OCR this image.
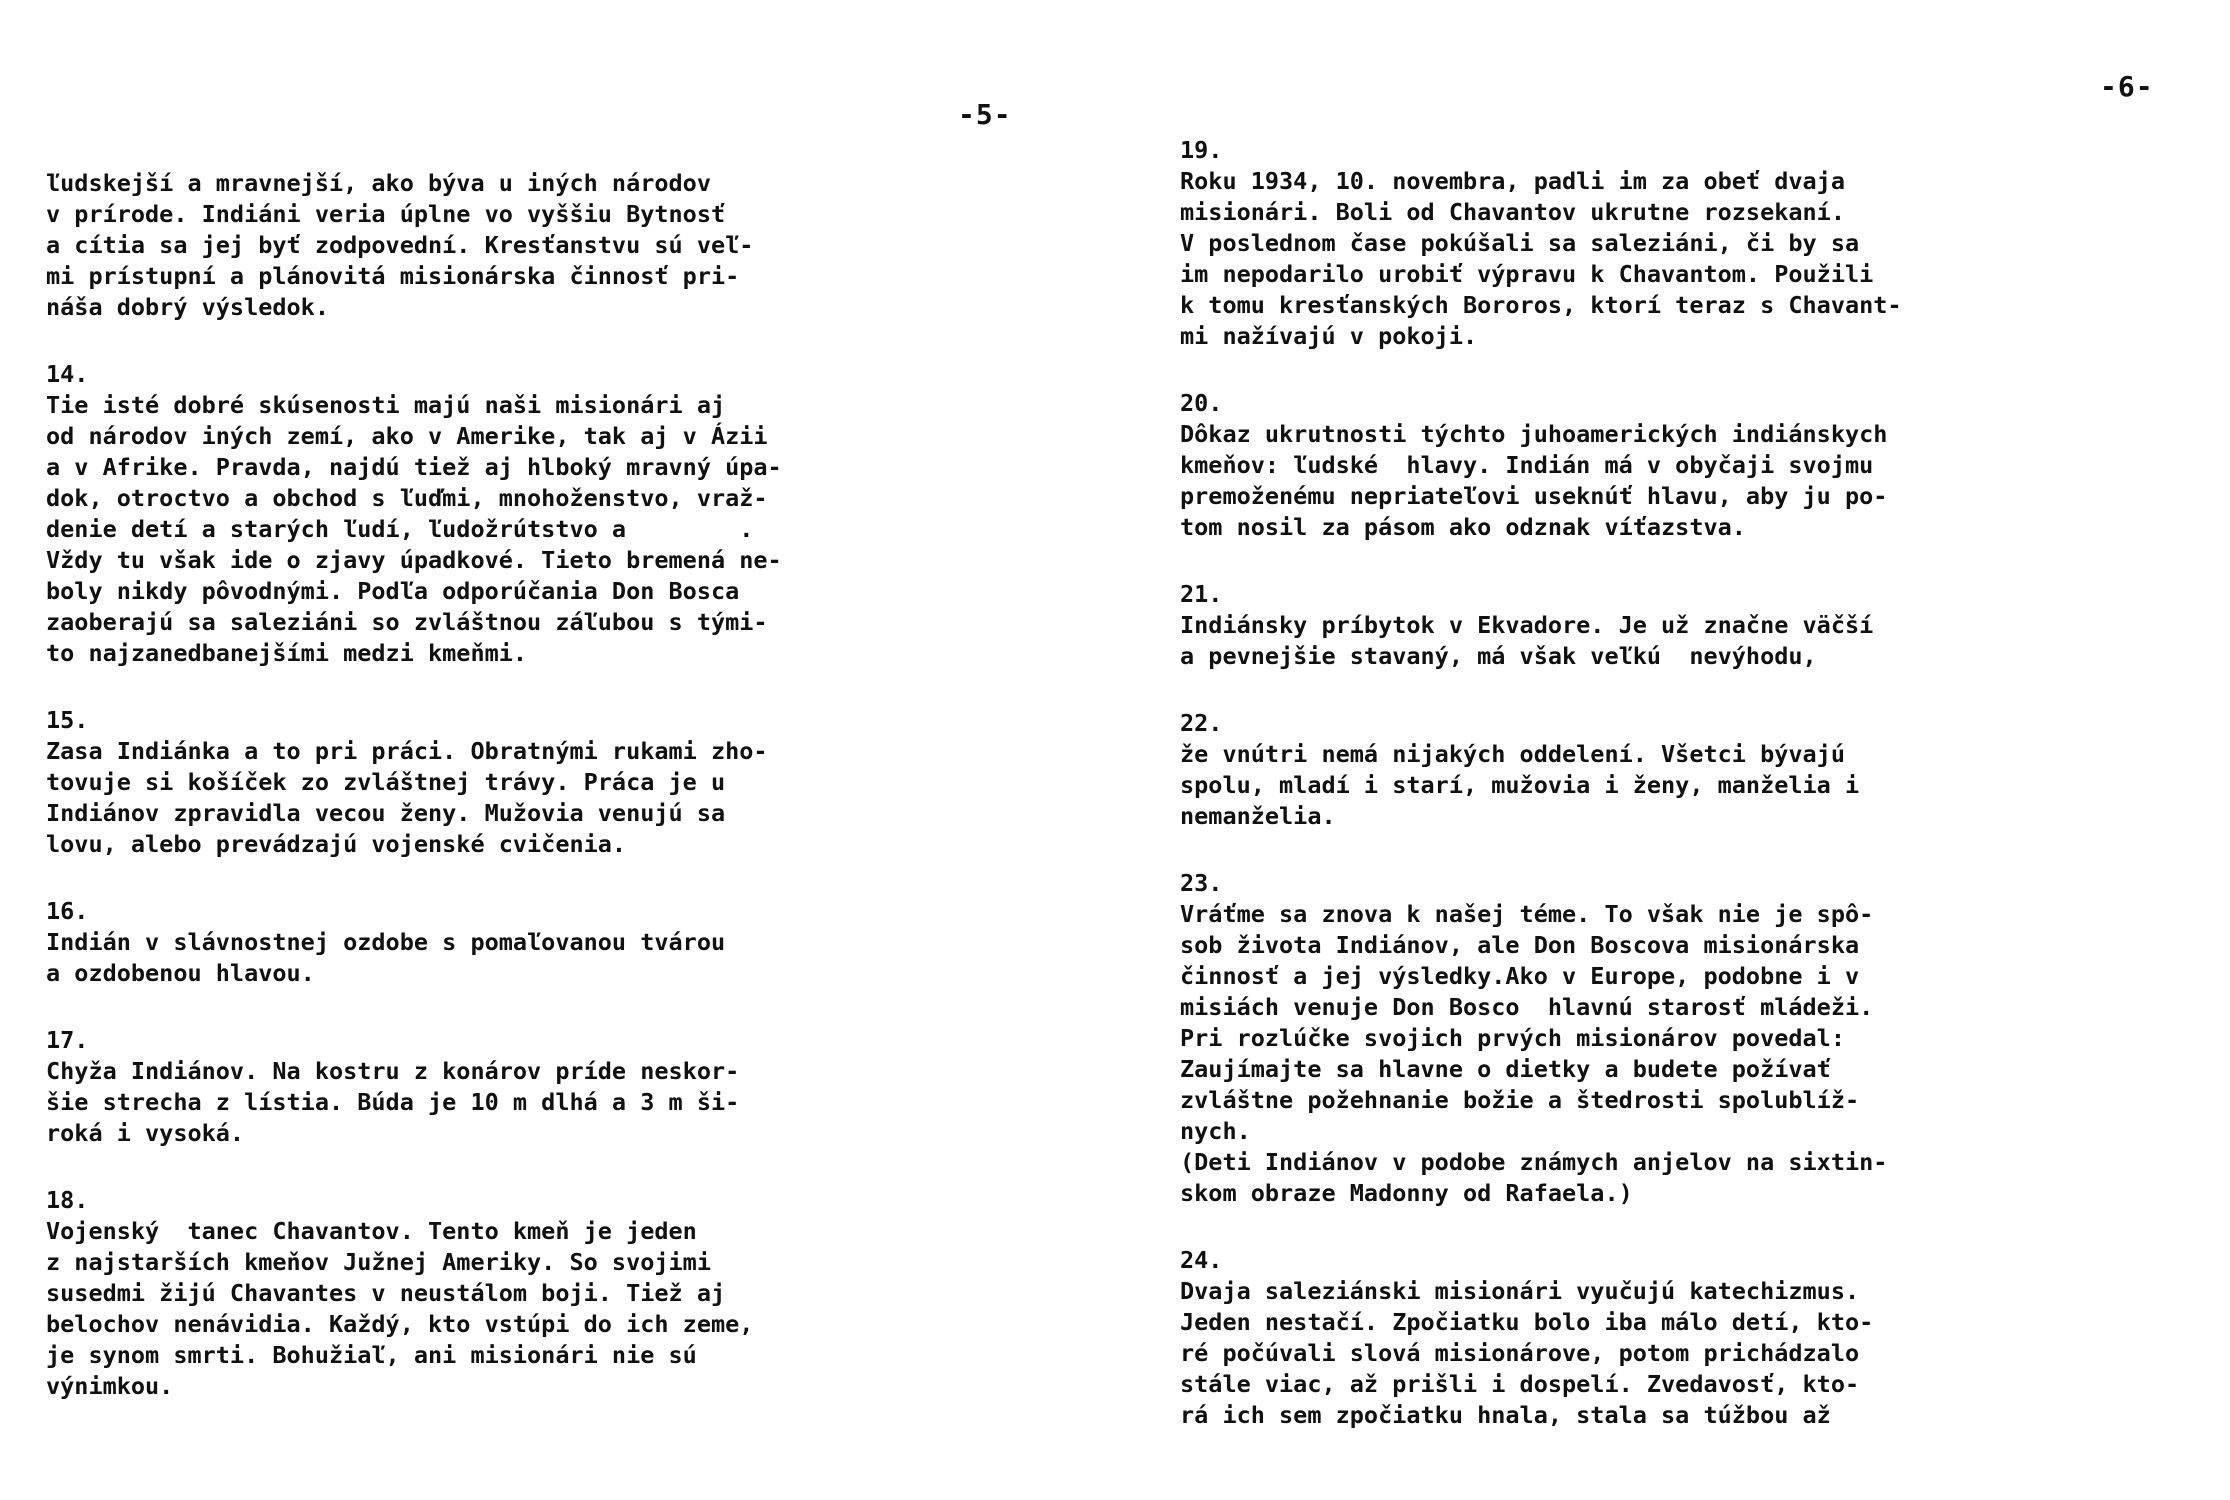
-5-
ľudskejší a mravnejší, ako býva u iných národov
v prírode. Indiáni veria úplne vo vyššiu Bytnosť
a cítia sa jej byť zodpovední. Kresťanstvu sú veľ-
mi prístupní a plánovitá misionárska činnosť pri-
náša dobrý výsledok.
14.
Tie isté dobré skúsenosti majú naši misionári aj
od národov iných zemí, ako v Amerike, tak aj v Ázii
a v Afrike. Pravda, najdú tiež aj hlboký mravný úpa-
dok, otroctvo a obchod s ľuďmi, mnohoženstvo, vraž-
denie detí a starých ľudí, ľudožrútstvo a        .
Vždy tu však ide o zjavy úpadkové. Tieto bremená ne-
boly nikdy pôvodnými. Podľa odporúčania Don Bosca
zaoberajú sa saleziáni so zvláštnou záľubou s tými-
to najzanedbanejšími medzi kmeňmi.
15.
Zasa Indiánka a to pri práci. Obratnými rukami zho-
tovuje si košíček zo zvláštnej trávy. Práca je u
Indiánov zpravidla vecou ženy. Mužovia venujú sa
lovu, alebo prevádzajú vojenské cvičenia.
16.
Indián v slávnostnej ozdobe s pomaľovanou tvárou
a ozdobenou hlavou.
17.
Chyža Indiánov. Na kostru z konárov príde neskor-
šie strecha z lístia. Búda je 10 m dlhá a 3 m ši-
roká i vysoká.
18.
Vojenský  tanec Chavantov. Tento kmeň je jeden
z najstarších kmeňov Južnej Ameriky. So svojimi
susedmi žijú Chavantes v neustálom boji. Tiež aj
belochov nenávidia. Každý, kto vstúpi do ich zeme,
je synom smrti. Bohužiaľ, ani misionári nie sú
výnimkou.
-6-
19.
Roku 1934, 10. novembra, padli im za obeť dvaja
misionári. Boli od Chavantov ukrutne rozsekaní.
V poslednom čase pokúšali sa saleziáni, či by sa
im nepodarilo urobiť výpravu k Chavantom. Použili
k tomu kresťanských Bororos, ktorí teraz s Chavant-
mi nažívajú v pokoji.
20.
Dôkaz ukrutnosti týchto juhoamerických indiánskych
kmeňov: ľudské  hlavy. Indián má v obyčaji svojmu
premoženému nepriateľovi useknúť hlavu, aby ju po-
tom nosil za pásom ako odznak víťazstva.
21.
Indiánsky príbytok v Ekvadore. Je už značne väčší
a pevnejšie stavaný, má však veľkú  nevýhodu,
22.
že vnútri nemá nijakých oddelení. Všetci bývajú
spolu, mladí i starí, mužovia i ženy, manželia i
nemanželia.
23.
Vráťme sa znova k našej téme. To však nie je spô-
sob života Indiánov, ale Don Boscova misionárska
činnosť a jej výsledky.Ako v Europe, podobne i v
misiách venuje Don Bosco  hlavnú starosť mládeži.
Pri rozlúčke svojich prvých misionárov povedal:
Zaujímajte sa hlavne o dietky a budete požívať
zvláštne požehnanie božie a štedrosti spolublíž-
nych.
(Deti Indiánov v podobe známych anjelov na sixtin-
skom obraze Madonny od Rafaela.)
24.
Dvaja saleziánski misionári vyučujú katechizmus.
Jeden nestačí. Zpočiatku bolo iba málo detí, kto-
ré počúvali slová misionárove, potom prichádzalo
stále viac, až prišli i dospelí. Zvedavosť, kto-
rá ich sem zpočiatku hnala, stala sa túžbou až
